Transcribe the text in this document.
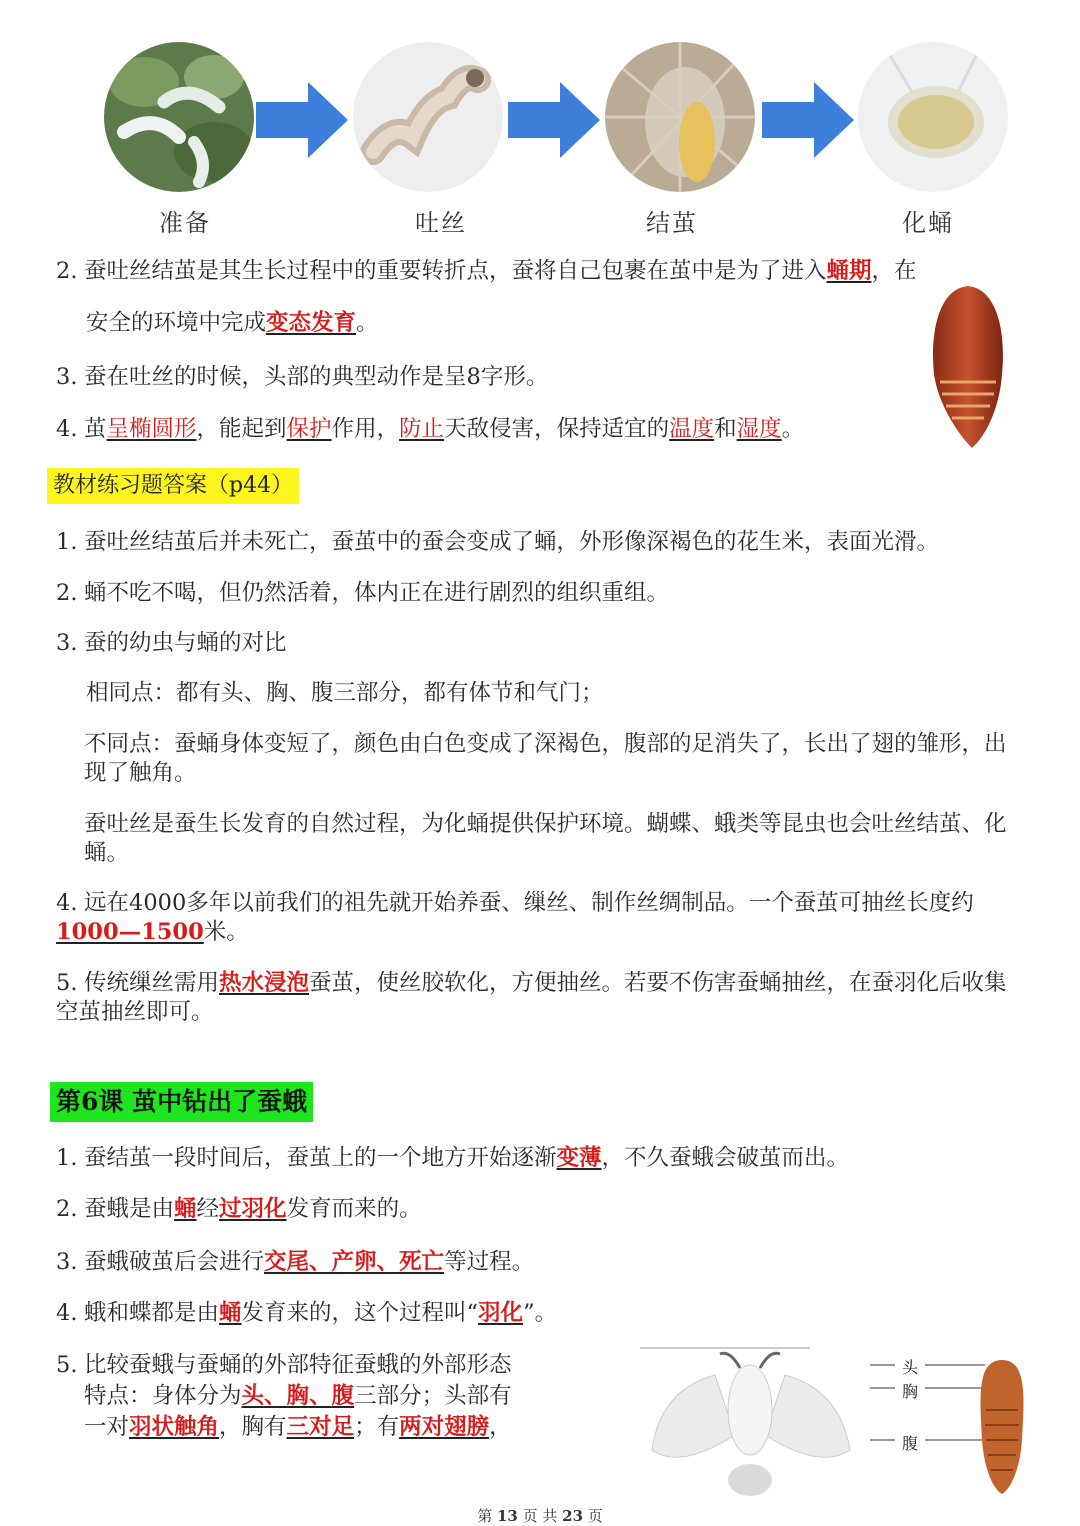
准备	吐丝	结茧	化蛹
2. 蚕吐丝结茧是其生长过程中的重要转折点，蚕将自己包裹在茧中是为了进入蛹期，在
安全的环境中完成变态发育。
3. 蚕在吐丝的时候，头部的典型动作是呈8字形。
4. 茧呈椭圆形，能起到保护作用，防止天敌侵害，保持适宜的温度和湿度。
教材练习题答案（p44）
1. 蚕吐丝结茧后并未死亡，蚕茧中的蚕会变成了蛹，外形像深褐色的花生米，表面光滑。
2. 蛹不吃不喝，但仍然活着，体内正在进行剧烈的组织重组。
3. 蚕的幼虫与蛹的对比
相同点：都有头、胸、腹三部分，都有体节和气门；
不同点：蚕蛹身体变短了，颜色由白色变成了深褐色，腹部的足消失了，长出了翅的雏形，出现了触角。
蚕吐丝是蚕生长发育的自然过程，为化蛹提供保护环境。蝴蝶、蛾类等昆虫也会吐丝结茧、化蛹。
4. 远在4000多年以前我们的祖先就开始养蚕、缫丝、制作丝绸制品。一个蚕茧可抽丝长度约1000—1500米。
5. 传统缫丝需用热水浸泡蚕茧，使丝胶软化，方便抽丝。若要不伤害蚕蛹抽丝，在蚕羽化后收集空茧抽丝即可。
第6课 茧中钻出了蚕蛾
1. 蚕结茧一段时间后，蚕茧上的一个地方开始逐渐变薄，不久蚕蛾会破茧而出。
2. 蚕蛾是由蛹经过羽化发育而来的。
3. 蚕蛾破茧后会进行交尾、产卵、死亡等过程。
4. 蛾和蝶都是由蛹发育来的，这个过程叫“羽化”。
5. 比较蚕蛾与蚕蛹的外部特征蚕蛾的外部形态
特点：身体分为头、胸、腹三部分；头部有
一对羽状触角，胸有三对足；有两对翅膀，
头
胸
腹
第 13 页 共 23 页
